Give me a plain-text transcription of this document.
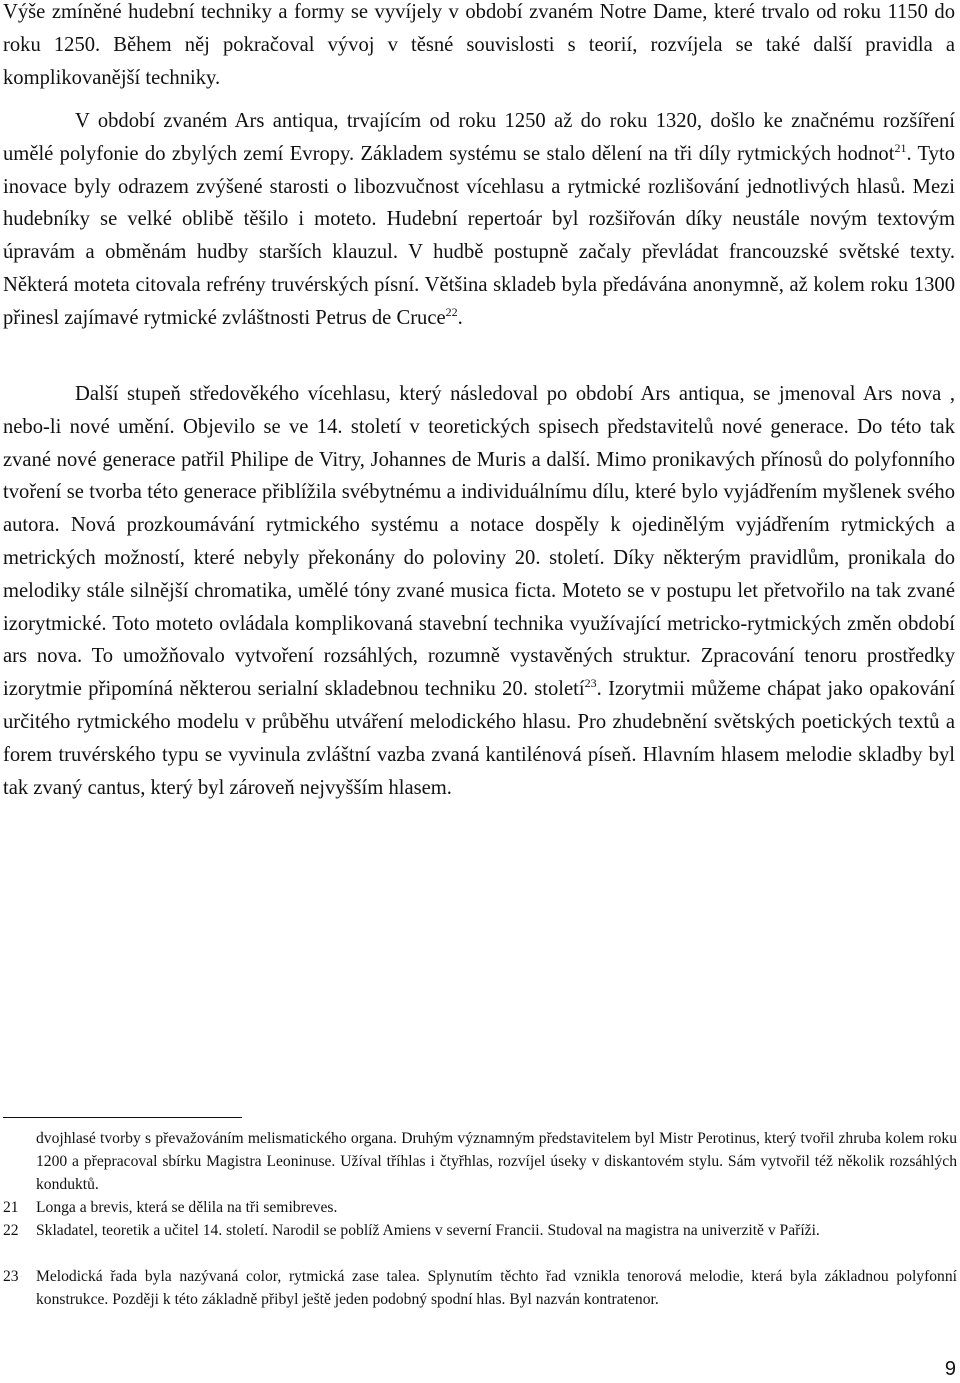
Výše zmíněné hudební techniky a formy se vyvíjely v období zvaném Notre Dame, které trvalo od roku 1150 do roku 1250. Během něj pokračoval vývoj v těsné souvislosti s teorií, rozvíjela se také další pravidla a komplikovanější techniky.

V období zvaném Ars antiqua, trvajícím od roku 1250 až do roku 1320, došlo ke značnému rozšíření umělé polyfonie do zbylých zemí Evropy. Základem systému se stalo dělení na tři díly rytmických hodnot$^{21}$. Tyto inovace byly odrazem zvýšené starosti o libozvučnost vícehlasu a rytmické rozlišování jednotlivých hlasů. Mezi hudebníky se velké oblibě těšilo i moteto. Hudební repertoár byl rozšiřován díky neustále novým textovým úpravám a obměnám hudby starších klauzul. V hudbě postupně začaly převládat francouzské světské texty. Některá moteta citovala refrény truvérských písní. Většina skladeb byla předávána anonymně, až kolem roku 1300 přinesl zajímavé rytmické zvláštnosti Petrus de Cruce$^{22}$.

Další stupeň středověkého vícehlasu, který následoval po období Ars antiqua, se jmenoval Ars nova , nebo-li nové umění. Objevilo se ve 14. století v teoretických spisech představitelů nové generace. Do této tak zvané nové generace patřil Philipe de Vitry, Johannes de Muris a další. Mimo pronikavých přínosů do polyfonního tvoření se tvorba této generace přiblížila svébytnému a individuálnímu dílu, které bylo vyjádřením myšlenek svého autora. Nová prozkoumávání rytmického systému a notace dospěly k ojedinělým vyjádřením rytmických a metrických možností, které nebyly překonány do poloviny 20. století. Díky některým pravidlům, pronikala do melodiky stále silnější chromatika, umělé tóny zvané musica ficta. Moteto se v postupu let přetvořilo na tak zvané izorytmické. Toto moteto ovládala komplikovaná stavební technika využívající metricko-rytmických změn období ars nova. To umožňovalo vytvoření rozsáhlých, rozumně vystavěných struktur. Zpracování tenoru prostředky izorytmie připomíná některou serialní skladebnou techniku 20. století$^{23}$. Izorytmii můžeme chápat jako opakování určitého rytmického modelu v průběhu utváření melodického hlasu. Pro zhudebnění světských poetických textů a forem truvérského typu se vyvinula zvláštní vazba zvaná kantilénová píseň. Hlavním hlasem melodie skladby byl tak zvaný cantus, který byl zároveň nejvyšším hlasem.

dvojhlasé tvorby s převažováním melismatického organa. Druhým významným představitelem byl Mistr Perotinus, který tvořil zhruba kolem roku 1200 a přepracoval sbírku Magistra Leoninuse. Užíval tříhlas i čtyřhlas, rozvíjel úseky v diskantovém stylu. Sám vytvořil též několik rozsáhlých konduktů.
21	Longa a brevis, která se dělila na tři semibreves.
22	Skladatel, teoretik a učitel 14. století. Narodil se poblíž Amiens v severní Francii. Studoval na magistra na univerzitě v Paříži.
23	Melodická řada byla nazývaná color, rytmická zase talea. Splynutím těchto řad vznikla tenorová melodie, která byla základnou polyfonní konstrukce. Později k této základně přibyl ještě jeden podobný spodní hlas. Byl nazván kontratenor.
9
